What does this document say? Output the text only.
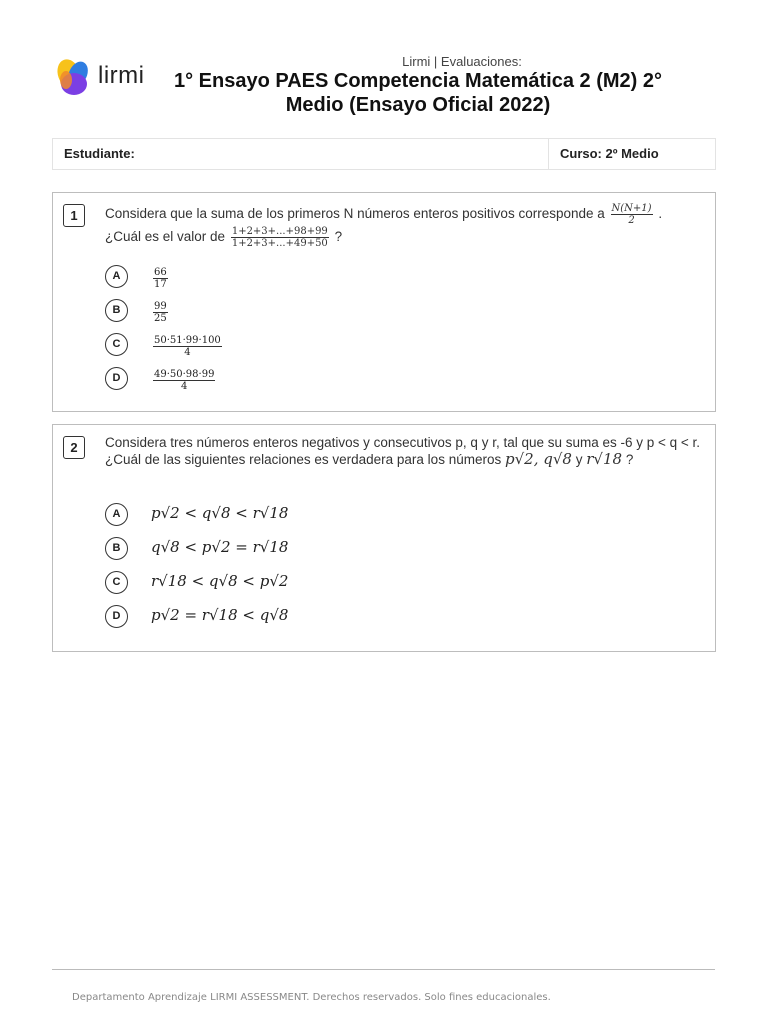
lirmi
Lirmi | Evaluaciones:
1° Ensayo PAES Competencia Matemática 2 (M2) 2°
Medio (Ensayo Oficial 2022)
Estudiante:	Curso: 2º Medio
1	Considera que la suma de los primeros N números enteros positivos corresponde a $\frac{N(N+1)}{2}$ .
¿Cuál es el valor de $\frac{1+2+3+...+98+99}{1+2+3+...+49+50}$ ?
A	$\frac{66}{17}$
B	$\frac{99}{25}$
C	$\frac{50\cdot 51\cdot 99\cdot 100}{4}$
D	$\frac{49\cdot 50\cdot 98\cdot 99}{4}$
2	Considera tres números enteros negativos y consecutivos p, q y r, tal que su suma es -6 y p < q < r.
¿Cuál de las siguientes relaciones es verdadera para los números p√2, q√8 y r√18 ?
A	p√2 < q√8 < r√18
B	q√8 < p√2 = r√18
C	r√18 < q√8 < p√2
D	p√2 = r√18 < q√8
Departamento Aprendizaje LIRMI ASSESSMENT. Derechos reservados. Solo fines educacionales.
